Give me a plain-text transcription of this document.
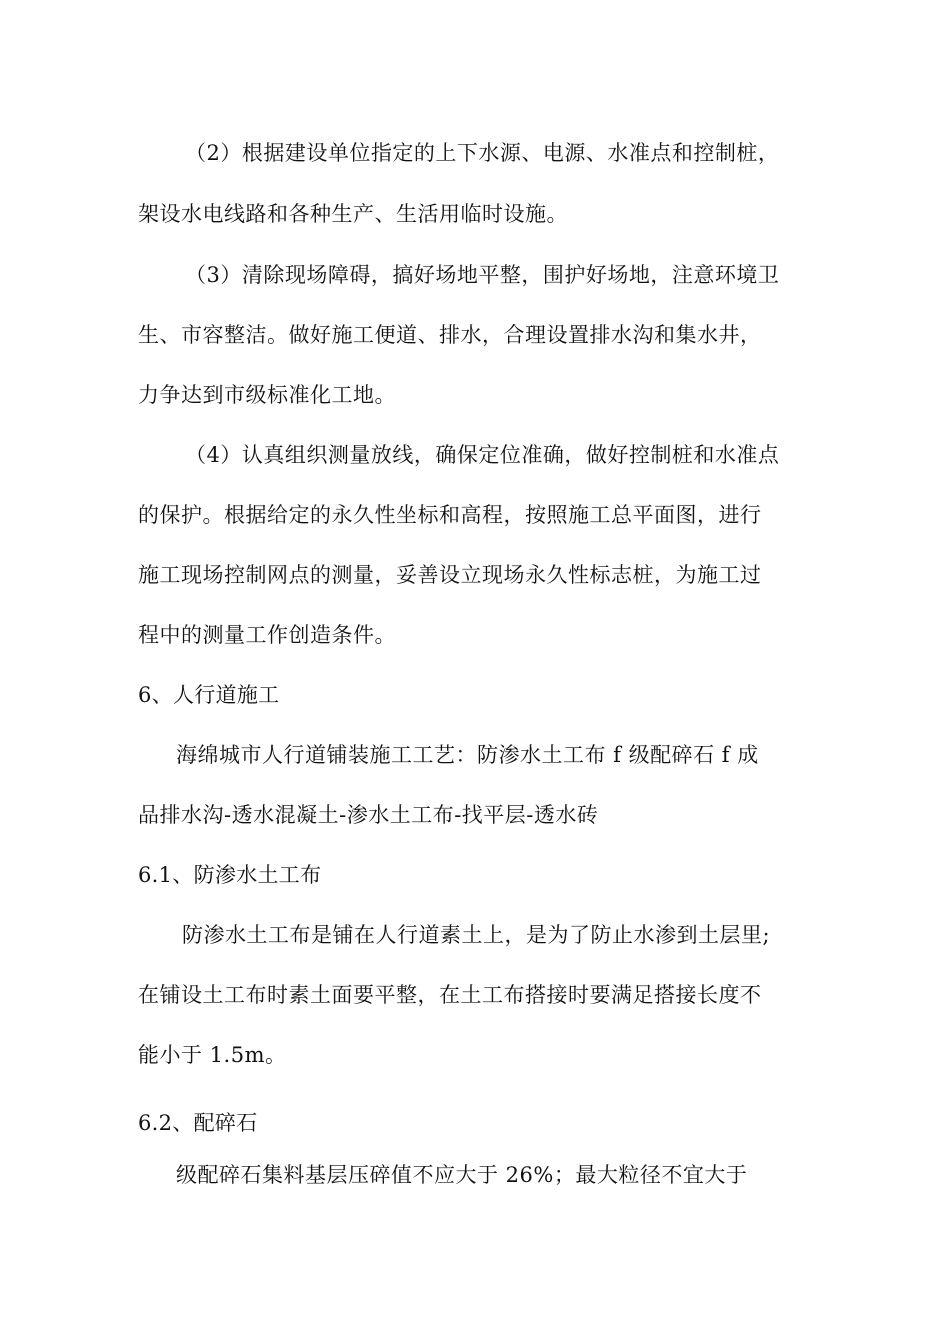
（2）根据建设单位指定的上下水源、电源、水准点和控制桩，
架设水电线路和各种生产、生活用临时设施。
（3）清除现场障碍，搞好场地平整，围护好场地，注意环境卫
生、市容整洁。做好施工便道、排水，合理设置排水沟和集水井，
力争达到市级标准化工地。
（4）认真组织测量放线，确保定位准确，做好控制桩和水准点
的保护。根据给定的永久性坐标和高程，按照施工总平面图，进行
施工现场控制网点的测量，妥善设立现场永久性标志桩，为施工过
程中的测量工作创造条件。
6、人行道施工
海绵城市人行道铺装施工工艺：防渗水土工布 f 级配碎石 f 成
品排水沟-透水混凝土-渗水土工布-找平层-透水砖
6.1、防渗水土工布
防渗水土工布是铺在人行道素土上，是为了防止水渗到土层里;
在铺设土工布时素土面要平整，在土工布搭接时要满足搭接长度不
能小于 1.5m。
6.2、配碎石
级配碎石集料基层压碎值不应大于 26%；最大粒径不宜大于
